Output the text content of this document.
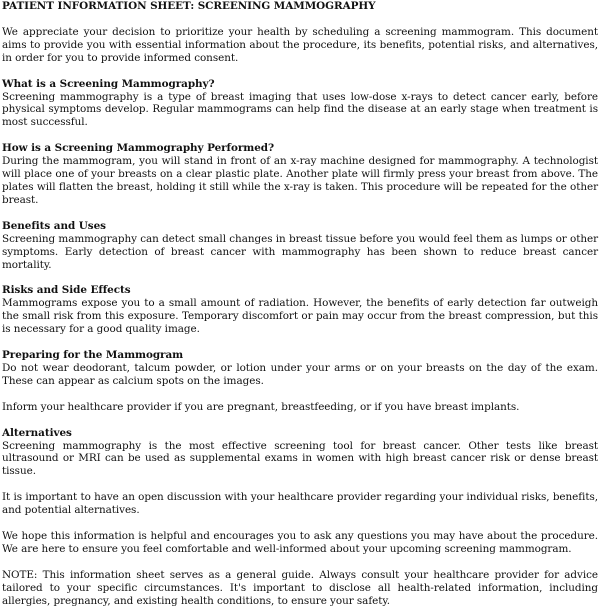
PATIENT INFORMATION SHEET: SCREENING MAMMOGRAPHY

We appreciate your decision to prioritize your health by scheduling a screening mammogram. This document aims to provide you with essential information about the procedure, its benefits, potential risks, and alternatives, in order for you to provide informed consent.

What is a Screening Mammography?

Screening mammography is a type of breast imaging that uses low-dose x-rays to detect cancer early, before physical symptoms develop. Regular mammograms can help find the disease at an early stage when treatment is most successful.

How is a Screening Mammography Performed?

During the mammogram, you will stand in front of an x-ray machine designed for mammography. A technologist will place one of your breasts on a clear plastic plate. Another plate will firmly press your breast from above. The plates will flatten the breast, holding it still while the x-ray is taken. This procedure will be repeated for the other breast.

Benefits and Uses

Screening mammography can detect small changes in breast tissue before you would feel them as lumps or other symptoms. Early detection of breast cancer with mammography has been shown to reduce breast cancer mortality.

Risks and Side Effects

Mammograms expose you to a small amount of radiation. However, the benefits of early detection far outweigh the small risk from this exposure. Temporary discomfort or pain may occur from the breast compression, but this is necessary for a good quality image.

Preparing for the Mammogram

Do not wear deodorant, talcum powder, or lotion under your arms or on your breasts on the day of the exam. These can appear as calcium spots on the images.

Inform your healthcare provider if you are pregnant, breastfeeding, or if you have breast implants.

Alternatives

Screening mammography is the most effective screening tool for breast cancer. Other tests like breast ultrasound or MRI can be used as supplemental exams in women with high breast cancer risk or dense breast tissue.

It is important to have an open discussion with your healthcare provider regarding your individual risks, benefits, and potential alternatives.

We hope this information is helpful and encourages you to ask any questions you may have about the procedure. We are here to ensure you feel comfortable and well-informed about your upcoming screening mammogram.

NOTE: This information sheet serves as a general guide. Always consult your healthcare provider for advice tailored to your specific circumstances. It's important to disclose all health-related information, including allergies, pregnancy, and existing health conditions, to ensure your safety.
